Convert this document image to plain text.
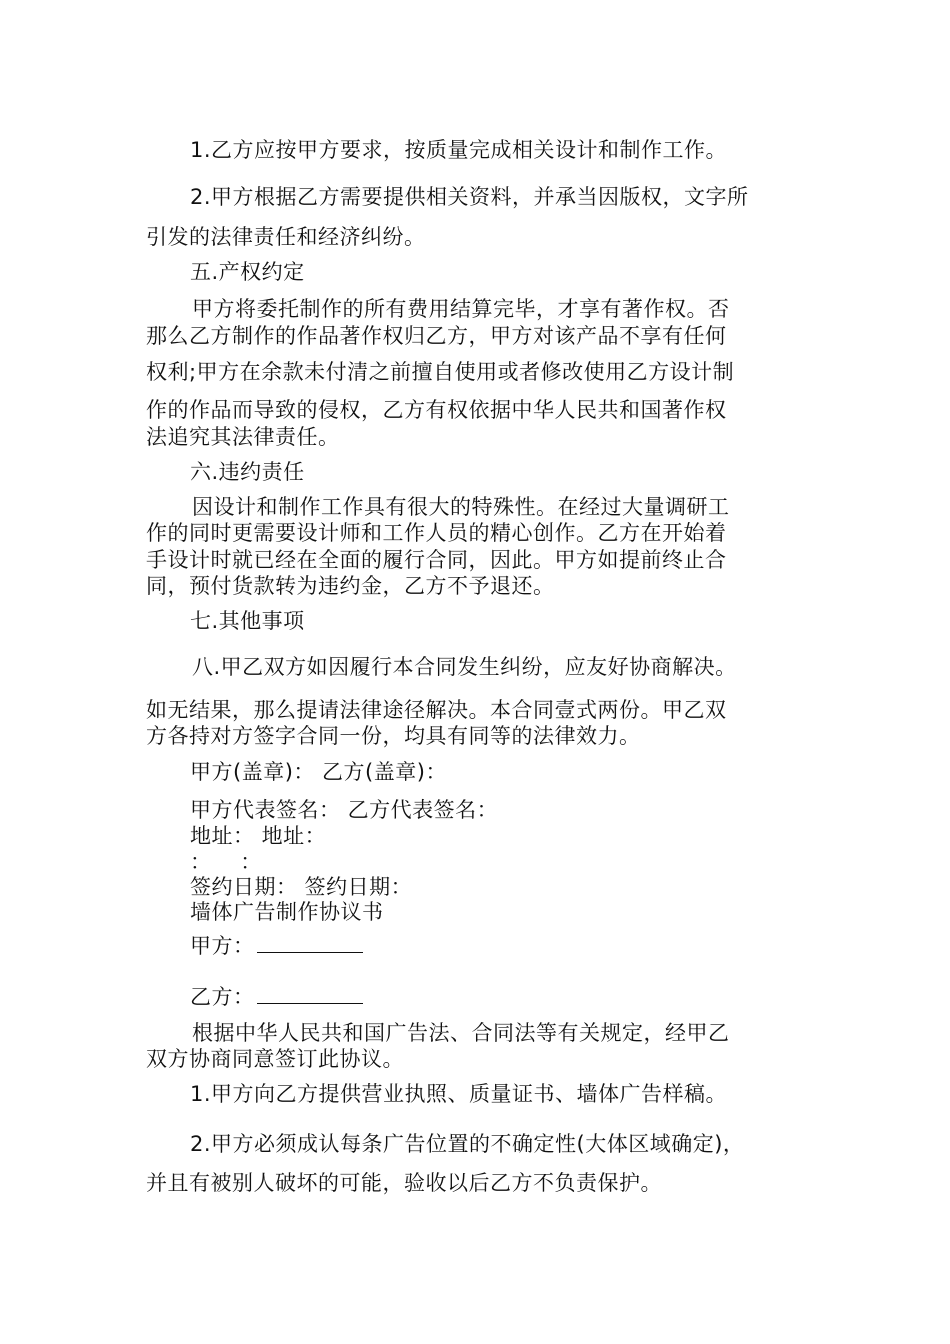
1.乙方应按甲方要求，按质量完成相关设计和制作工作。
2.甲方根据乙方需要提供相关资料，并承当因版权，文字所
引发的法律责任和经济纠纷。
五.产权约定
甲方将委托制作的所有费用结算完毕，才享有著作权。否
那么乙方制作的作品著作权归乙方，甲方对该产品不享有任何
权利;甲方在余款未付清之前擅自使用或者修改使用乙方设计制
作的作品而导致的侵权，乙方有权依据中华人民共和国著作权
法追究其法律责任。
六.违约责任
因设计和制作工作具有很大的特殊性。在经过大量调研工
作的同时更需要设计师和工作人员的精心创作。乙方在开始着
手设计时就已经在全面的履行合同，因此。甲方如提前终止合
同，预付货款转为违约金，乙方不予退还。
七.其他事项
八.甲乙双方如因履行本合同发生纠纷，应友好协商解决。
如无结果，那么提请法律途径解决。本合同壹式两份。甲乙双
方各持对方签字合同一份，均具有同等的法律效力。
甲方(盖章)： 乙方(盖章)：
甲方代表签名： 乙方代表签名：
地址： 地址：
：    ：
签约日期： 签约日期：
墙体广告制作协议书
甲方：
乙方：
根据中华人民共和国广告法、合同法等有关规定，经甲乙
双方协商同意签订此协议。
1.甲方向乙方提供营业执照、质量证书、墙体广告样稿。
2.甲方必须成认每条广告位置的不确定性(大体区域确定)，
并且有被别人破坏的可能，验收以后乙方不负责保护。
